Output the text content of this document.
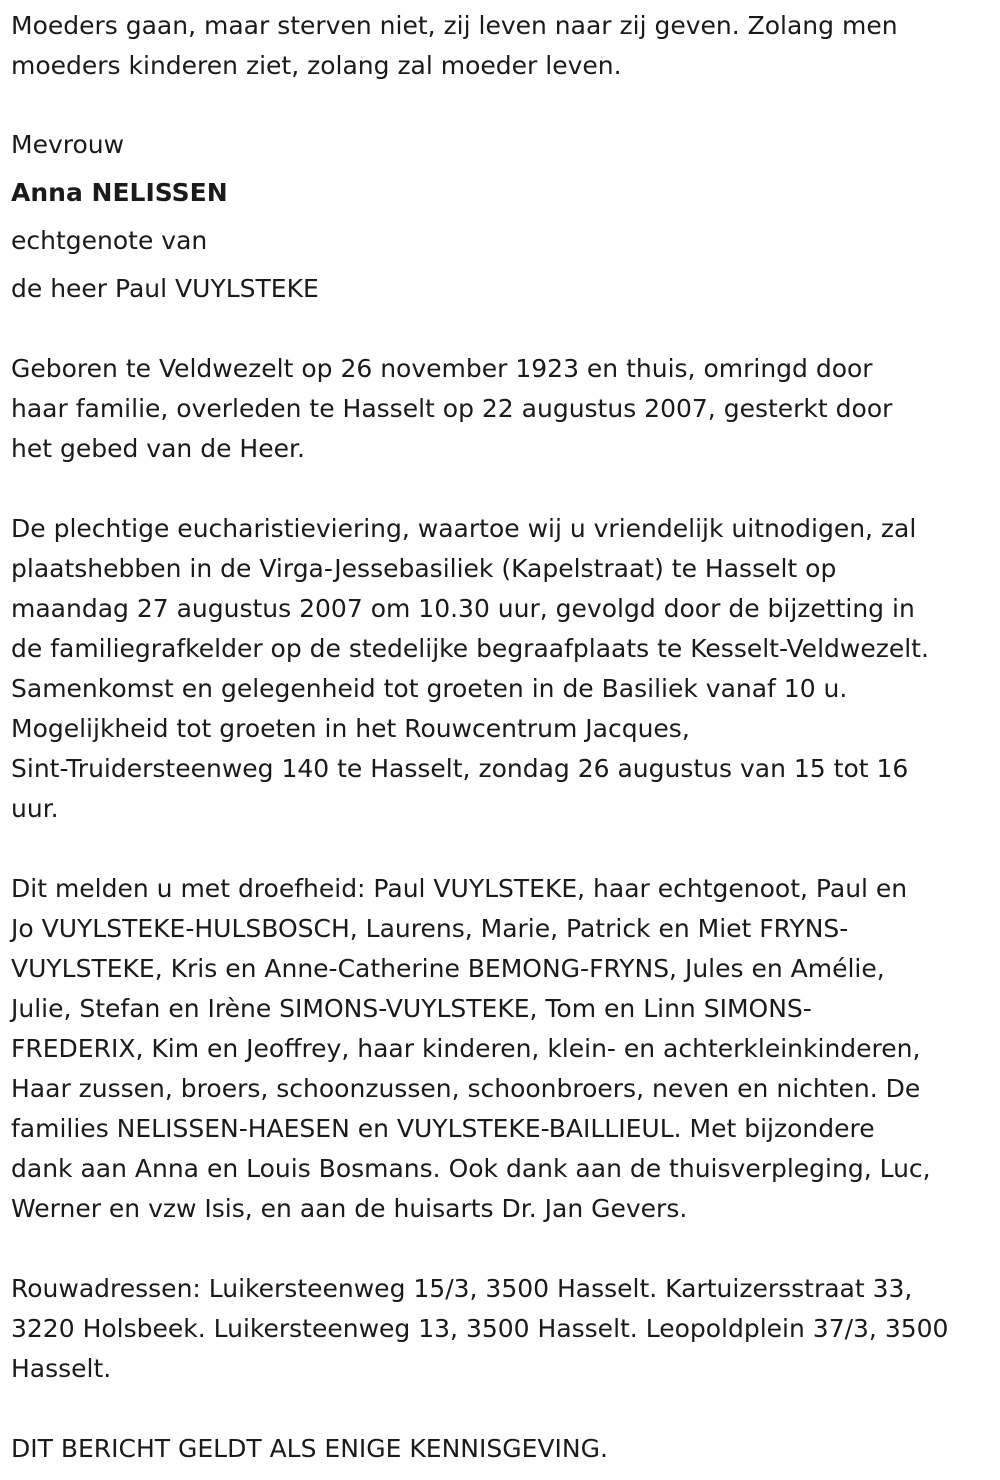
Moeders gaan, maar sterven niet, zij leven naar zij geven. Zolang men
moeders kinderen ziet, zolang zal moeder leven.
Mevrouw
Anna NELISSEN
echtgenote van
de heer Paul VUYLSTEKE
Geboren te Veldwezelt op 26 november 1923 en thuis, omringd door
haar familie, overleden te Hasselt op 22 augustus 2007, gesterkt door
het gebed van de Heer.
De plechtige eucharistieviering, waartoe wij u vriendelijk uitnodigen, zal
plaatshebben in de Virga-Jessebasiliek (Kapelstraat) te Hasselt op
maandag 27 augustus 2007 om 10.30 uur, gevolgd door de bijzetting in
de familiegrafkelder op de stedelijke begraafplaats te Kesselt-Veldwezelt.
Samenkomst en gelegenheid tot groeten in de Basiliek vanaf 10 u.
Mogelijkheid tot groeten in het Rouwcentrum Jacques,
Sint-Truidersteenweg 140 te Hasselt, zondag 26 augustus van 15 tot 16
uur.
Dit melden u met droefheid: Paul VUYLSTEKE, haar echtgenoot, Paul en
Jo VUYLSTEKE-HULSBOSCH, Laurens, Marie, Patrick en Miet FRYNS-
VUYLSTEKE, Kris en Anne-Catherine BEMONG-FRYNS, Jules en Amélie,
Julie, Stefan en Irène SIMONS-VUYLSTEKE, Tom en Linn SIMONS-
FREDERIX, Kim en Jeoffrey, haar kinderen, klein- en achterkleinkinderen,
Haar zussen, broers, schoonzussen, schoonbroers, neven en nichten. De
families NELISSEN-HAESEN en VUYLSTEKE-BAILLIEUL. Met bijzondere
dank aan Anna en Louis Bosmans. Ook dank aan de thuisverpleging, Luc,
Werner en vzw Isis, en aan de huisarts Dr. Jan Gevers.
Rouwadressen: Luikersteenweg 15/3, 3500 Hasselt. Kartuizersstraat 33,
3220 Holsbeek. Luikersteenweg 13, 3500 Hasselt. Leopoldplein 37/3, 3500
Hasselt.
DIT BERICHT GELDT ALS ENIGE KENNISGEVING.
